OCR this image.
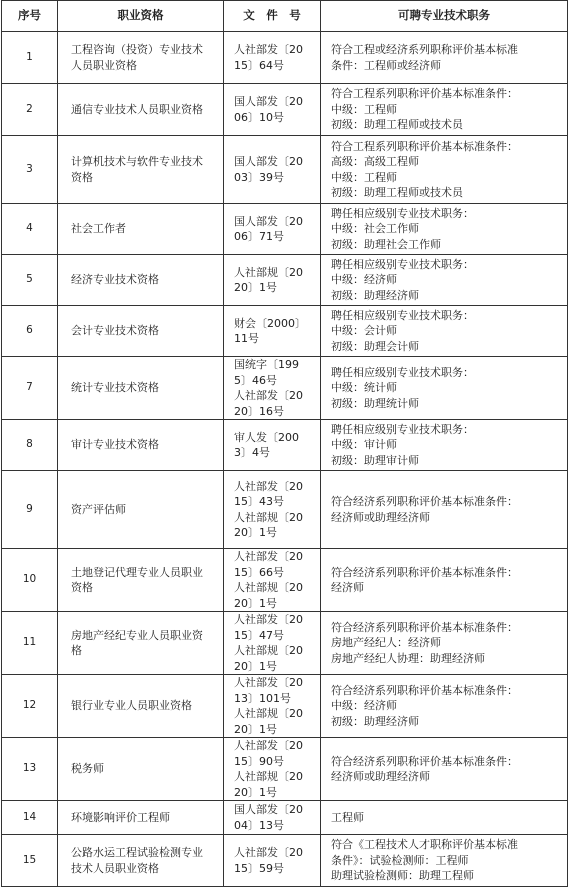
序号	职业资格	文　件　号	可聘专业技术职务
1	工程咨询（投资）专业技术人员职业资格	人社部发〔20
15〕64号	符合工程或经济系列职称评价基本标准
条件：工程师或经济师

2	通信专业技术人员职业资格	国人部发〔20
06〕10号	符合工程系列职称评价基本标准条件：
中级：工程师
初级：助理工程师或技术员

3	计算机技术与软件专业技术资格	国人部发〔20
03〕39号	符合工程系列职称评价基本标准条件：
高级：高级工程师
中级：工程师
初级：助理工程师或技术员

4	社会工作者	国人部发〔20
06〕71号	聘任相应级别专业技术职务：
中级：社会工作师
初级：助理社会工作师

5	经济专业技术资格	人社部规〔20
20〕1号	聘任相应级别专业技术职务：
中级：经济师
初级：助理经济师

6	会计专业技术资格	财会〔2000〕
11号	聘任相应级别专业技术职务：
中级：会计师
初级：助理会计师

7	统计专业技术资格	国统字〔199
5〕46号
人社部发〔20
20〕16号	聘任相应级别专业技术职务：
中级：统计师
初级：助理统计师

8	审计专业技术资格	审人发〔200
3〕4号	聘任相应级别专业技术职务：
中级：审计师
初级：助理审计师

9	资产评估师	人社部发〔20
15〕43号
人社部规〔20
20〕1号	符合经济系列职称评价基本标准条件：
经济师或助理经济师

10	土地登记代理专业人员职业资格	人社部发〔20
15〕66号
人社部规〔20
20〕1号	符合经济系列职称评价基本标准条件：
经济师

11	房地产经纪专业人员职业资格	人社部发〔20
15〕47号
人社部规〔20
20〕1号	符合经济系列职称评价基本标准条件：
房地产经纪人：经济师
房地产经纪人协理：助理经济师

12	银行业专业人员职业资格	人社部发〔20
13〕101号
人社部规〔20
20〕1号	符合经济系列职称评价基本标准条件：
中级：经济师
初级：助理经济师

13	税务师	人社部发〔20
15〕90号
人社部规〔20
20〕1号	符合经济系列职称评价基本标准条件：
经济师或助理经济师

14	环境影响评价工程师	国人部发〔20
04〕13号	工程师

15	公路水运工程试验检测专业技术人员职业资格	人社部发〔20
15〕59号	符合《工程技术人才职称评价基本标准
条件》：试验检测师：工程师
助理试验检测师：助理工程师
